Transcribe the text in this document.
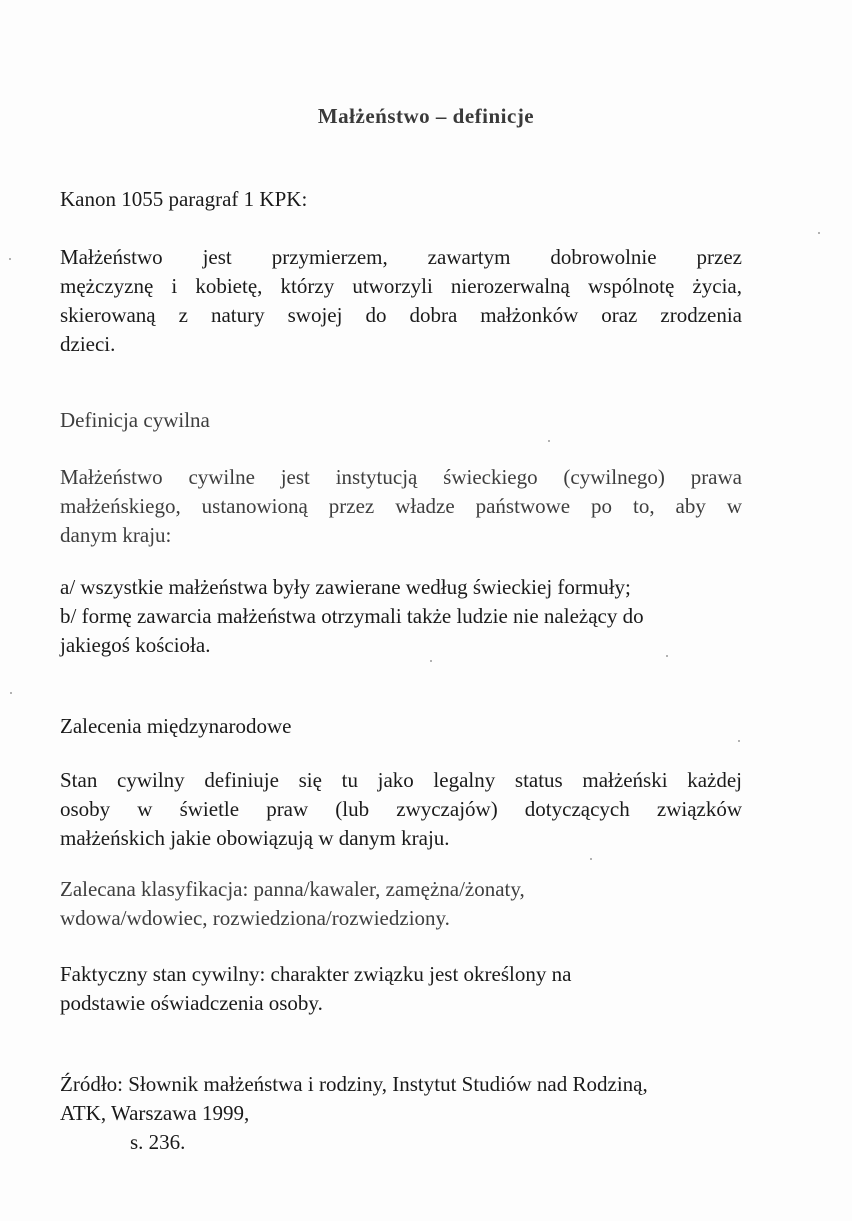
Małżeństwo – definicje
Kanon 1055 paragraf 1 KPK:
Małżeństwo jest przymierzem, zawartym dobrowolnie przez
mężczyznę i kobietę, którzy utworzyli nierozerwalną wspólnotę życia,
skierowaną z natury swojej do dobra małżonków oraz zrodzenia
dzieci.
Definicja cywilna
Małżeństwo cywilne jest instytucją świeckiego (cywilnego) prawa
małżeńskiego, ustanowioną przez władze państwowe po to, aby w
danym kraju:
a/ wszystkie małżeństwa były zawierane według świeckiej formuły;
b/ formę zawarcia małżeństwa otrzymali także ludzie nie należący do
jakiegoś kościoła.
Zalecenia międzynarodowe
Stan cywilny definiuje się tu jako legalny status małżeński każdej
osoby w świetle praw (lub zwyczajów) dotyczących związków
małżeńskich jakie obowiązują w danym kraju.
Zalecana klasyfikacja: panna/kawaler, zamężna/żonaty,
wdowa/wdowiec, rozwiedziona/rozwiedziony.
Faktyczny stan cywilny: charakter związku jest określony na
podstawie oświadczenia osoby.
Źródło: Słownik małżeństwa i rodziny, Instytut Studiów nad Rodziną,
ATK, Warszawa 1999,
s. 236.
